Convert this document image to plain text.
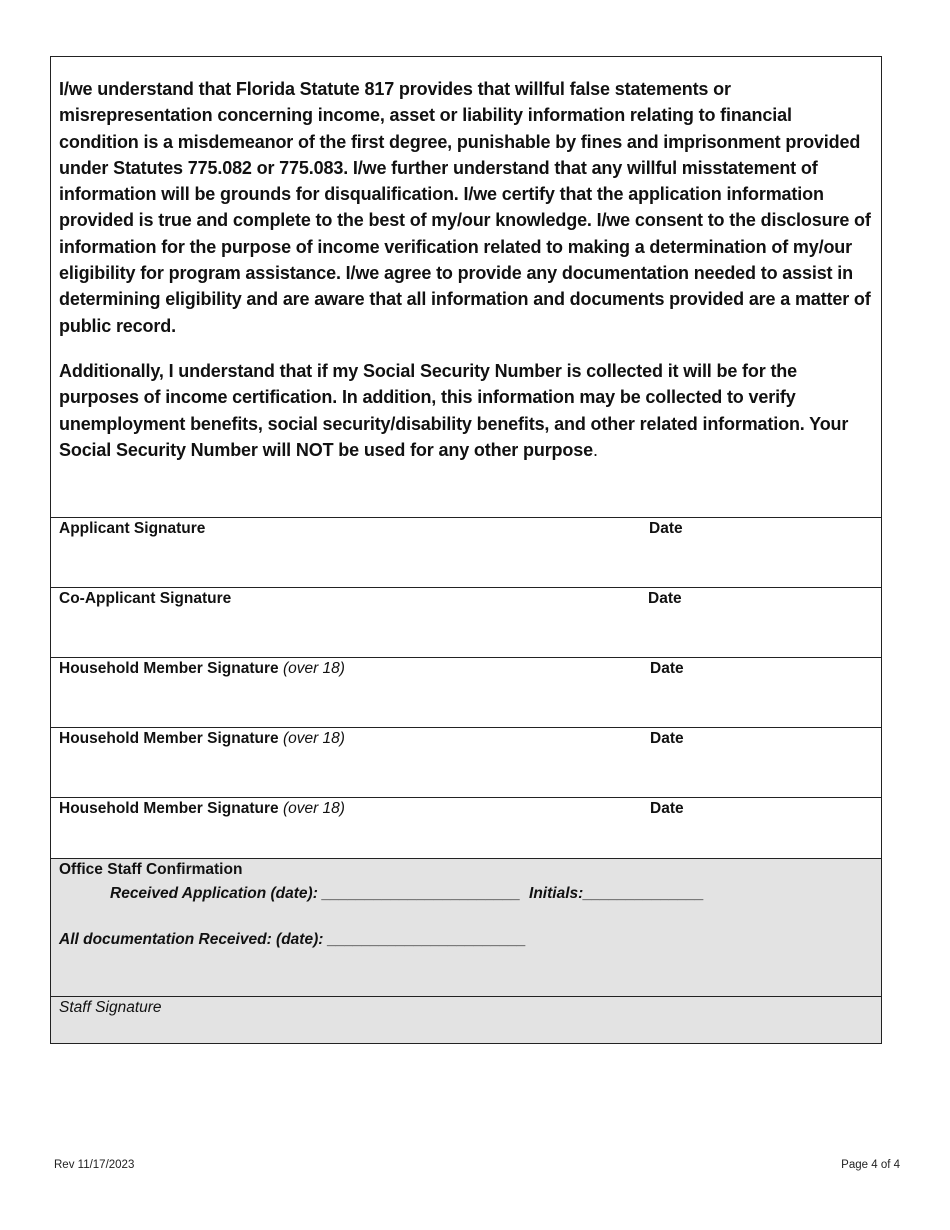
I/we understand that Florida Statute 817 provides that willful false statements or misrepresentation concerning income, asset or liability information relating to financial condition is a misdemeanor of the first degree, punishable by fines and imprisonment provided under Statutes 775.082 or 775.083. I/we further understand that any willful misstatement of information will be grounds for disqualification. I/we certify that the application information provided is true and complete to the best of my/our knowledge. I/we consent to the disclosure of information for the purpose of income verification related to making a determination of my/our eligibility for program assistance. I/we agree to provide any documentation needed to assist in determining eligibility and are aware that all information and documents provided are a matter of public record.

Additionally, I understand that if my Social Security Number is collected it will be for the purposes of income certification. In addition, this information may be collected to verify unemployment benefits, social security/disability benefits, and other related information. Your Social Security Number will NOT be used for any other purpose.

Applicant Signature	Date
Co-Applicant Signature	Date
Household Member Signature (over 18)	Date
Household Member Signature (over 18)	Date
Household Member Signature (over 18)	Date
Office Staff Confirmation
Received Application (date): _______________________  Initials:______________
All documentation Received: (date): _______________________
Staff Signature
Rev 11/17/2023	Page 4 of 4
